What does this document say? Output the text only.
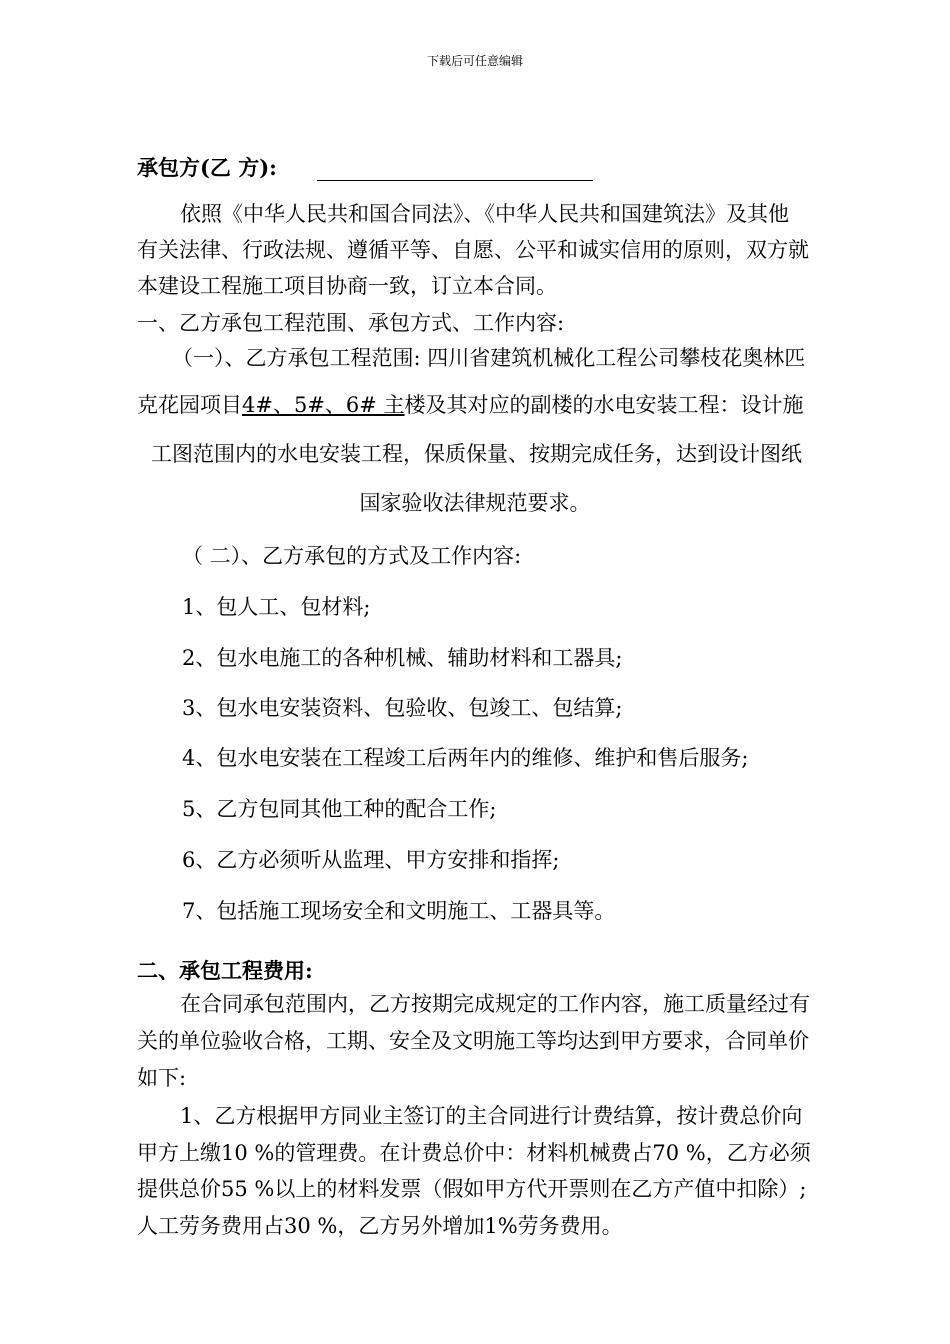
下载后可任意编辑
承包方(乙 方):
依照《中华人民共和国合同法》、《中华人民共和国建筑法》及其他
有关法律、行政法规、遵循平等、自愿、公平和诚实信用的原则，双方就
本建设工程施工项目协商一致，订立本合同。
一、乙方承包工程范围、承包方式、工作内容:
（一）、乙方承包工程范围: 四川省建筑机械化工程公司攀枝花奥林匹
克花园项目4#、5#、6# 主楼及其对应的副楼的水电安装工程：设计施
工图范围内的水电安装工程，保质保量、按期完成任务，达到设计图纸
国家验收法律规范要求。
（ 二）、乙方承包的方式及工作内容:
1、包人工、包材料;
2、包水电施工的各种机械、辅助材料和工器具;
3、包水电安装资料、包验收、包竣工、包结算;
4、包水电安装在工程竣工后两年内的维修、维护和售后服务;
5、乙方包同其他工种的配合工作;
6、乙方必须听从监理、甲方安排和指挥;
7、包括施工现场安全和文明施工、工器具等。
二、承包工程费用:
在合同承包范围内，乙方按期完成规定的工作内容，施工质量经过有
关的单位验收合格，工期、安全及文明施工等均达到甲方要求，合同单价
如下:
1、乙方根据甲方同业主签订的主合同进行计费结算，按计费总价向
甲方上缴10 %的管理费。在计费总价中：材料机械费占70 %，乙方必须
提供总价55 %以上的材料发票（假如甲方代开票则在乙方产值中扣除）;
人工劳务费用占30 %，乙方另外增加1%劳务费用。
